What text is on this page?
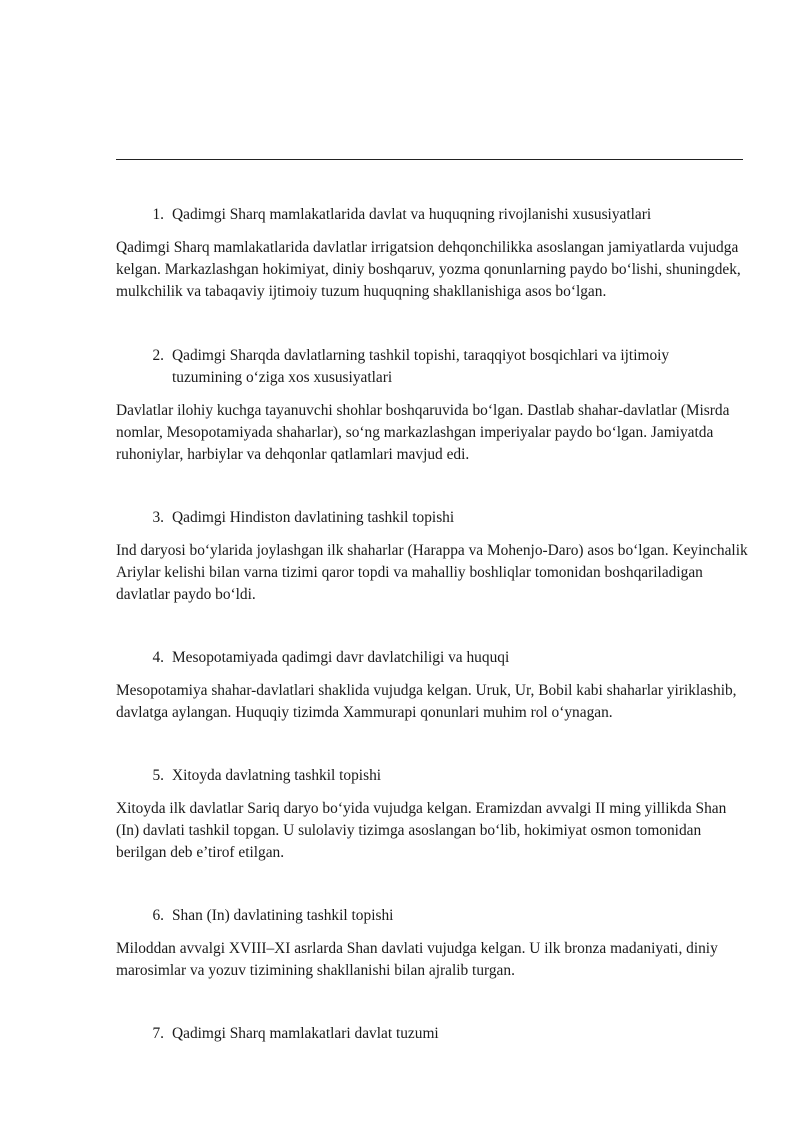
1. Qadimgi Sharq mamlakatlarida davlat va huquqning rivojlanishi xususiyatlari

Qadimgi Sharq mamlakatlarida davlatlar irrigatsion dehqonchilikka asoslangan jamiyatlarda vujudga kelgan. Markazlashgan hokimiyat, diniy boshqaruv, yozma qonunlarning paydo bo‘lishi, shuningdek, mulkchilik va tabaqaviy ijtimoiy tuzum huquqning shakllanishiga asos bo‘lgan.

2. Qadimgi Sharqda davlatlarning tashkil topishi, taraqqiyot bosqichlari va ijtimoiy tuzumining o‘ziga xos xususiyatlari

Davlatlar ilohiy kuchga tayanuvchi shohlar boshqaruvida bo‘lgan. Dastlab shahar-davlatlar (Misrda nomlar, Mesopotamiyada shaharlar), so‘ng markazlashgan imperiyalar paydo bo‘lgan. Jamiyatda ruhoniylar, harbiylar va dehqonlar qatlamlari mavjud edi.

3. Qadimgi Hindiston davlatining tashkil topishi

Ind daryosi bo‘ylarida joylashgan ilk shaharlar (Harappa va Mohenjo-Daro) asos bo‘lgan. Keyinchalik Ariylar kelishi bilan varna tizimi qaror topdi va mahalliy boshliqlar tomonidan boshqariladigan davlatlar paydo bo‘ldi.

4. Mesopotamiyada qadimgi davr davlatchiligi va huquqi

Mesopotamiya shahar-davlatlari shaklida vujudga kelgan. Uruk, Ur, Bobil kabi shaharlar yiriklashib, davlatga aylangan. Huquqiy tizimda Xammurapi qonunlari muhim rol o‘ynagan.

5. Xitoyda davlatning tashkil topishi

Xitoyda ilk davlatlar Sariq daryo bo‘yida vujudga kelgan. Eramizdan avvalgi II ming yillikda Shan (In) davlati tashkil topgan. U sulolaviy tizimga asoslangan bo‘lib, hokimiyat osmon tomonidan berilgan deb e’tirof etilgan.

6. Shan (In) davlatining tashkil topishi

Miloddan avvalgi XVIII–XI asrlarda Shan davlati vujudga kelgan. U ilk bronza madaniyati, diniy marosimlar va yozuv tizimining shakllanishi bilan ajralib turgan.

7. Qadimgi Sharq mamlakatlari davlat tuzumi
